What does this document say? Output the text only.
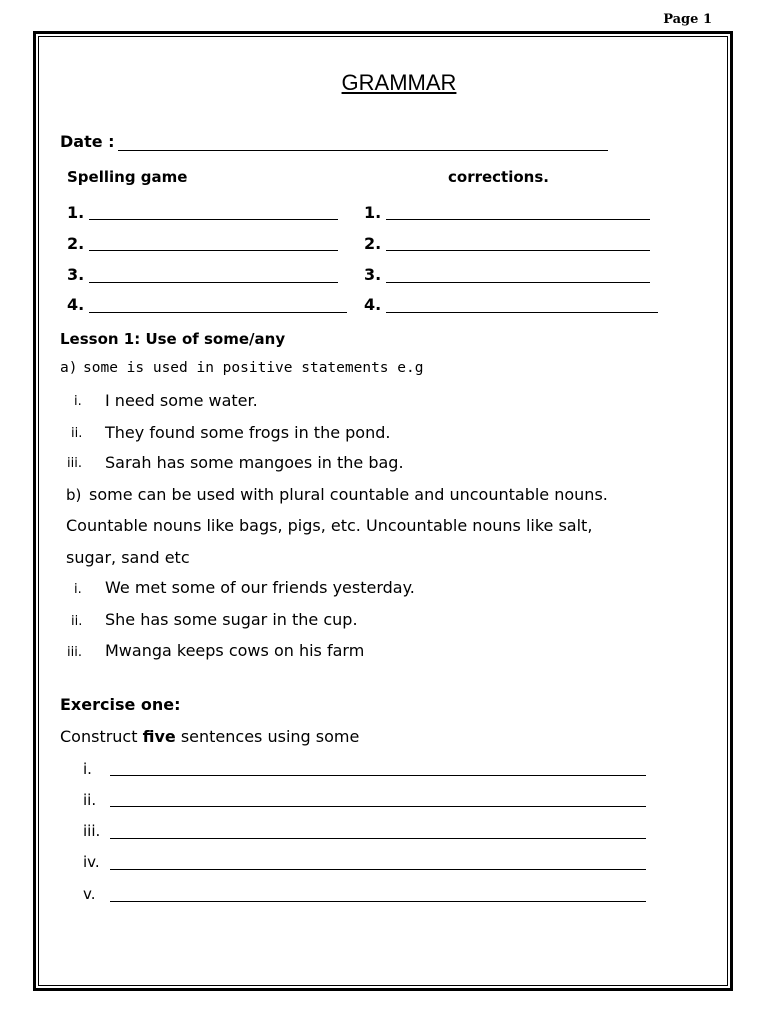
Page 1
GRAMMAR
Date :
Spelling game	corrections.
1.	1.
2.	2.
3.	3.
4.	4.
Lesson 1: Use of some/any
a) some is used in positive statements e.g
i. I need some water.
ii. They found some frogs in the pond.
iii. Sarah has some mangoes in the bag.
b) some can be used with plural countable and uncountable nouns.
Countable nouns like bags, pigs, etc. Uncountable nouns like salt,
sugar, sand etc
i. We met some of our friends yesterday.
ii. She has some sugar in the cup.
iii. Mwanga keeps cows on his farm
Exercise one:
Construct five sentences using some
i.
ii.
iii.
iv.
v.
